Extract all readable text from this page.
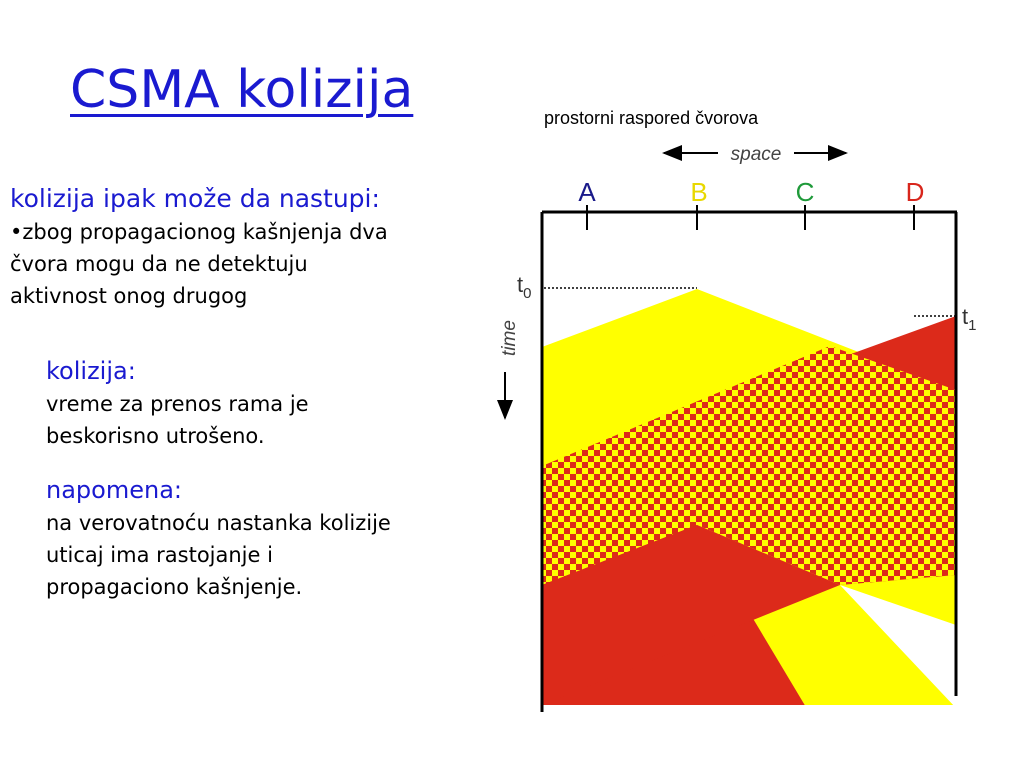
CSMA kolizija
kolizija ipak može da nastupi:
•zbog propagacionog kašnjenja dva
čvora mogu da ne detektuju
aktivnost onog drugog
kolizija:
vreme za prenos rama je
beskorisno utrošeno.
napomena:
na verovatnoću nastanka kolizije
uticaj ima rastojanje i
propagaciono kašnjenje.
prostorni raspored čvorova
space
A	B	C	D
$t_0$
$t_1$
time
